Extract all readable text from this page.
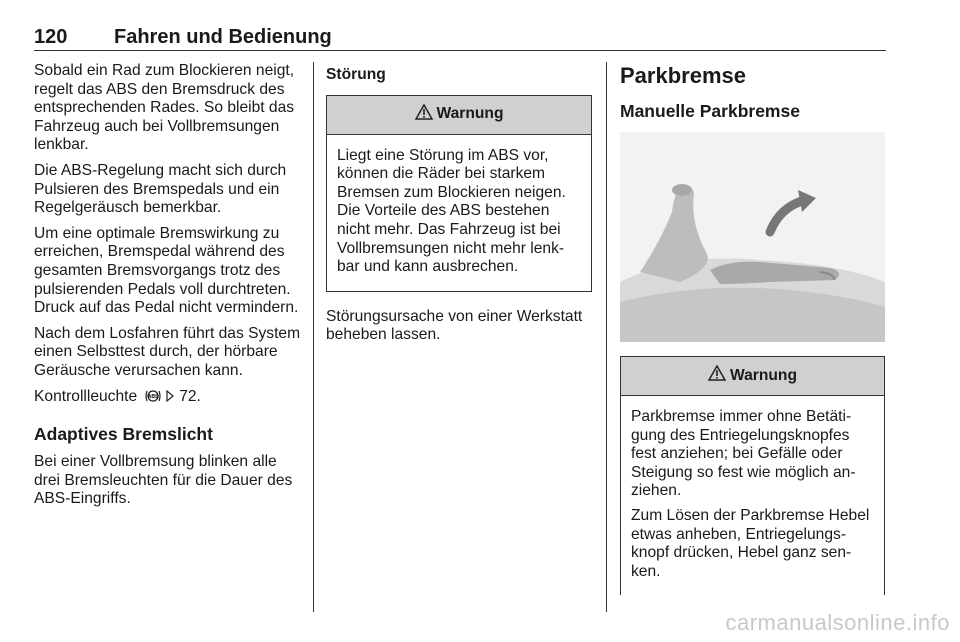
120 Fahren und Bedienung

Sobald ein Rad zum Blockieren neigt, regelt das ABS den Bremsdruck des entsprechenden Rades. So bleibt das Fahrzeug auch bei Vollbremsungen lenkbar.

Die ABS-Regelung macht sich durch Pulsieren des Bremspedals und ein Regelgeräusch bemerkbar.

Um eine optimale Bremswirkung zu erreichen, Bremspedal während des gesamten Bremsvorgangs trotz des pulsierenden Pedals voll durchtreten. Druck auf das Pedal nicht vermindern.

Nach dem Losfahren führt das System einen Selbsttest durch, der hörbare Geräusche verursachen kann.

Kontrollleuchte ABS 72.

Adaptives Bremslicht

Bei einer Vollbremsung blinken alle drei Bremsleuchten für die Dauer des ABS-Eingriffs.

Störung
Warnung

Liegt eine Störung im ABS vor, können die Räder bei starkem Bremsen zum Blockieren neigen. Die Vorteile des ABS bestehen nicht mehr. Das Fahrzeug ist bei Vollbremsungen nicht mehr lenkbar und kann ausbrechen.

Störungsursache von einer Werkstatt beheben lassen.

Parkbremse
Manuelle Parkbremse
Warnung

Parkbremse immer ohne Betätigung des Entriegelungsknopfes fest anziehen; bei Gefälle oder Steigung so fest wie möglich anziehen.

Zum Lösen der Parkbremse Hebel etwas anheben, Entriegelungsknopf drücken, Hebel ganz senken.

carmanualsonline.info
